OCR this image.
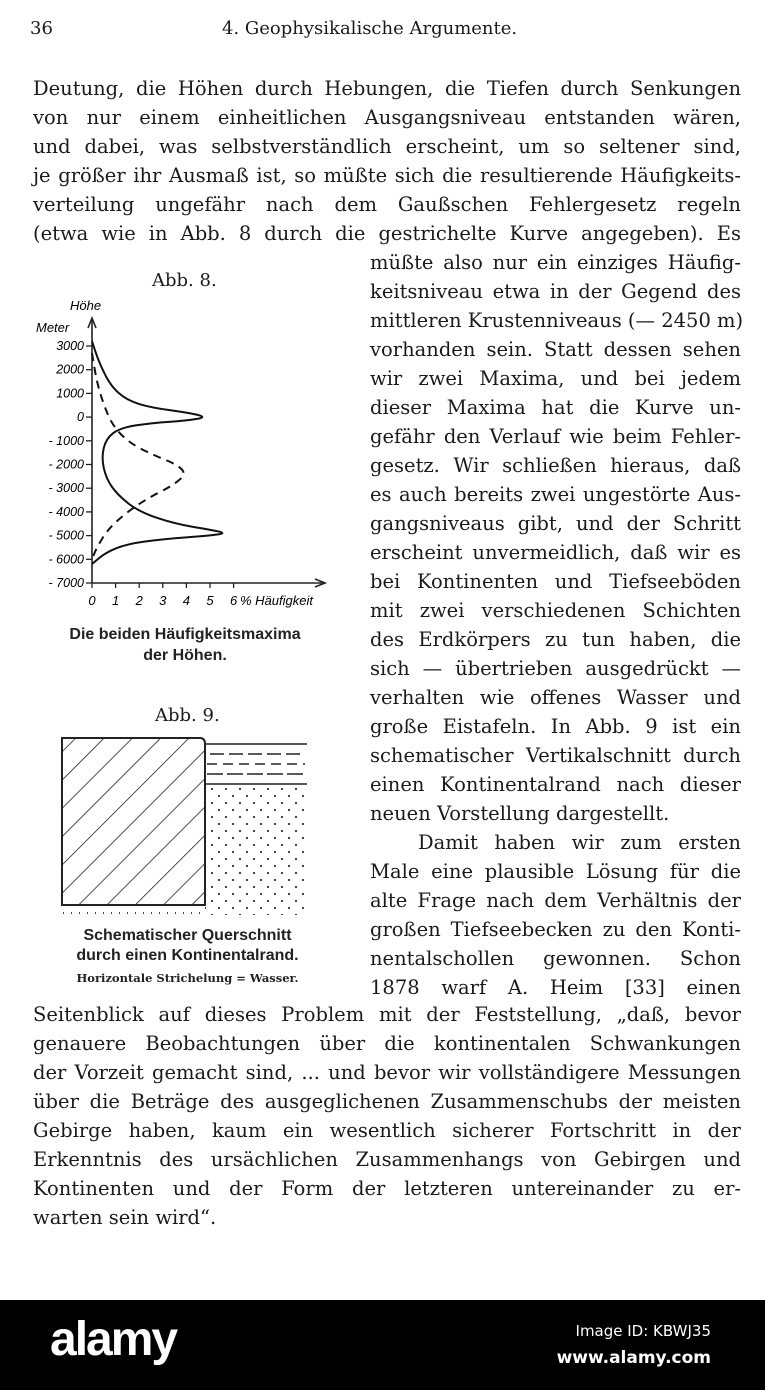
36	4. Geophysikalische Argumente.
Deutung, die Höhen durch Hebungen, die Tiefen durch Senkungen
von nur einem einheitlichen Ausgangsniveau entstanden wären,
und dabei, was selbstverständlich erscheint, um so seltener sind,
je größer ihr Ausmaß ist, so müßte sich die resultierende Häufigkeits-
verteilung ungefähr nach dem Gaußschen Fehlergesetz regeln
(etwa wie in Abb. 8 durch die gestrichelte Kurve angegeben). Es
müßte also nur ein einziges Häufig-
keitsniveau etwa in der Gegend des
mittleren Krustenniveaus (— 2450 m)
vorhanden sein. Statt dessen sehen
wir zwei Maxima, und bei jedem
dieser Maxima hat die Kurve un-
gefähr den Verlauf wie beim Fehler-
gesetz. Wir schließen hieraus, daß
es auch bereits zwei ungestörte Aus-
gangsniveaus gibt, und der Schritt
erscheint unvermeidlich, daß wir es
bei Kontinenten und Tiefseeböden
mit zwei verschiedenen Schichten
des Erdkörpers zu tun haben, die
sich — übertrieben ausgedrückt —
verhalten wie offenes Wasser und
große Eistafeln. In Abb. 9 ist ein
schematischer Vertikalschnitt durch
einen Kontinentalrand nach dieser
neuen Vorstellung dargestellt.
Damit haben wir zum ersten
Male eine plausible Lösung für die
alte Frage nach dem Verhältnis der
großen Tiefseebecken zu den Konti-
nentalschollen gewonnen. Schon
1878 warf A. Heim [33] einen
Seitenblick auf dieses Problem mit der Feststellung, „daß, bevor
genauere Beobachtungen über die kontinentalen Schwankungen
der Vorzeit gemacht sind, ... und bevor wir vollständigere Messungen
über die Beträge des ausgeglichenen Zusammenschubs der meisten
Gebirge haben, kaum ein wesentlich sicherer Fortschritt in der
Erkenntnis des ursächlichen Zusammenhangs von Gebirgen und
Kontinenten und der Form der letzteren untereinander zu er-
warten sein wird“.
Abb. 8.
Höhe
Meter
% Häufigkeit
3000
2000
1000
0
- 1000
- 2000
- 3000
- 4000
- 5000
- 6000
- 7000
0 1 2 3 4 5 6
Die beiden Häufigkeitsmaxima
der Höhen.
Abb. 9.
Schematischer Querschnitt
durch einen Kontinentalrand.
Horizontale Strichelung = Wasser.
alamy	Image ID: KBWJ35
www.alamy.com
